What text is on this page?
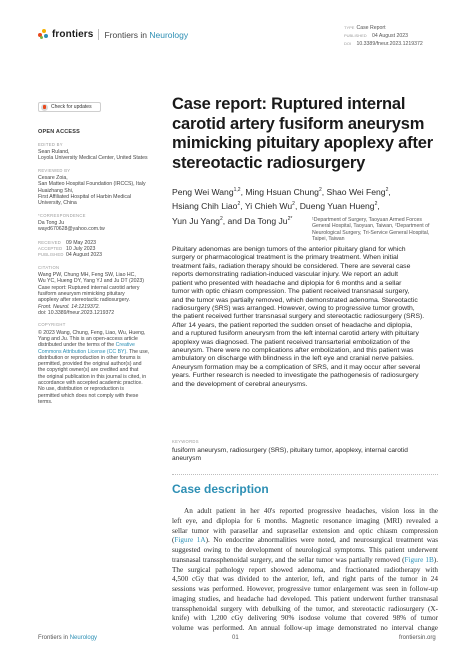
frontiers Frontiers in Neurology
TYPE Case Report
PUBLISHED 04 August 2023
DOI 10.3389/fneur.2023.1219372
Check for updates
OPEN ACCESS
EDITED BY
Sean Ruland,
Loyola University Medical Center, United States
REVIEWED BY
Cesare Zoia,
San Matteo Hospital Foundation (IRCCS), Italy
Huaizhang Shi,
First Affiliated Hospital of Harbin Medical
University, China
*CORRESPONDENCE
Da Tong Ju
wayd670628@yahoo.com.tw
RECEIVED 09 May 2023
ACCEPTED 10 July 2023
PUBLISHED 04 August 2023
CITATION
Wang PW, Chung MH, Feng SW, Liao HC,
Wu YC, Hueng DY, Yang YJ and Ju DT (2023)
Case report: Ruptured internal carotid artery
fusiform aneurysm mimicking pituitary
apoplexy after stereotactic radiosurgery.
Front. Neurol. 14:1219372.
doi: 10.3389/fneur.2023.1219372
COPYRIGHT
© 2023 Wang, Chung, Feng, Liao, Wu, Hueng,
Yang and Ju. This is an open-access article
distributed under the terms of the Creative
Commons Attribution License (CC BY). The use,
distribution or reproduction in other forums is
permitted, provided the original author(s) and
the copyright owner(s) are credited and that
the original publication in this journal is cited, in
accordance with accepted academic practice.
No use, distribution or reproduction is
permitted which does not comply with these
terms.
Case report: Ruptured internal carotid artery fusiform aneurysm mimicking pituitary apoplexy after stereotactic radiosurgery
Peng Wei Wang$^{1,2}$, Ming Hsuan Chung$^2$, Shao Wei Feng$^2$,
Hsiang Chih Liao$^2$, Yi Chieh Wu$^2$, Dueng Yuan Hueng$^2$,
Yun Ju Yang$^2$, and Da Tong $Ju^{2*}$	¹Department of Surgery, Taoyuan Armed Forces General Hospital, Taoyuan, Taiwan, ²Department of Neurological Surgery, Tri-Service General Hospital, Taipei, Taiwan
Pituitary adenomas are benign tumors of the anterior pituitary gland for which
surgery or pharmacological treatment is the primary treatment. When initial
treatment fails, radiation therapy should be considered. There are several case
reports demonstrating radiation-induced vascular injury. We report an adult
patient who presented with headache and diplopia for 6 months and a sellar
tumor with optic chiasm compression. The patient received transnasal surgery,
and the tumor was partially removed, which demonstrated adenoma. Stereotactic
radiosurgery (SRS) was arranged. However, owing to progressive tumor growth,
the patient received further transnasal surgery and stereotactic radiosurgery (SRS).
After 14 years, the patient reported the sudden onset of headache and diplopia,
and a ruptured fusiform aneurysm from the left internal carotid artery with pituitary
apoplexy was diagnosed. The patient received transarterial embolization of the
aneurysm. There were no complications after embolization, and this patient was
ambulatory on discharge with blindness in the left eye and cranial nerve palsies.
Aneurysm formation may be a complication of SRS, and it may occur after several
years. Further research is needed to investigate the pathogenesis of radiosurgery
and the development of cerebral aneurysms.
KEYWORDS
fusiform aneurysm, radiosurgery (SRS), pituitary tumor, apoplexy, internal carotid
aneurysm
Case description
An adult patient in her 40's reported progressive headaches, vision loss in the
left eye, and diplopia for 6 months. Magnetic resonance imaging (MRI) revealed a
sellar tumor with parasellar and suprasellar extension and optic chiasm compression
(Figure 1A). No endocrine abnormalities were noted, and neurosurgical treatment was
suggested owing to the development of neurological symptoms. This patient underwent
transnasal transsphenoidal surgery, and the sellar tumor was partially removed (Figure 1B).
The surgical pathology report showed adenoma, and fractionated radiotherapy with
4,500 cGy that was divided to the anterior, left, and right parts of the tumor in 24
sessions was performed. However, progressive tumor enlargement was seen in follow-up
imaging studies, and headache had developed. This patient underwent further transnasal
transsphenoidal surgery with debulking of the tumor, and stereotactic radiosurgery (X-
knife) with 1,200 cGy delivering 90% isodose volume that covered 98% of tumor
volume was performed. An annual follow-up image demonstrated no interval change
Frontiers in Neurology	01	frontiersin.org
